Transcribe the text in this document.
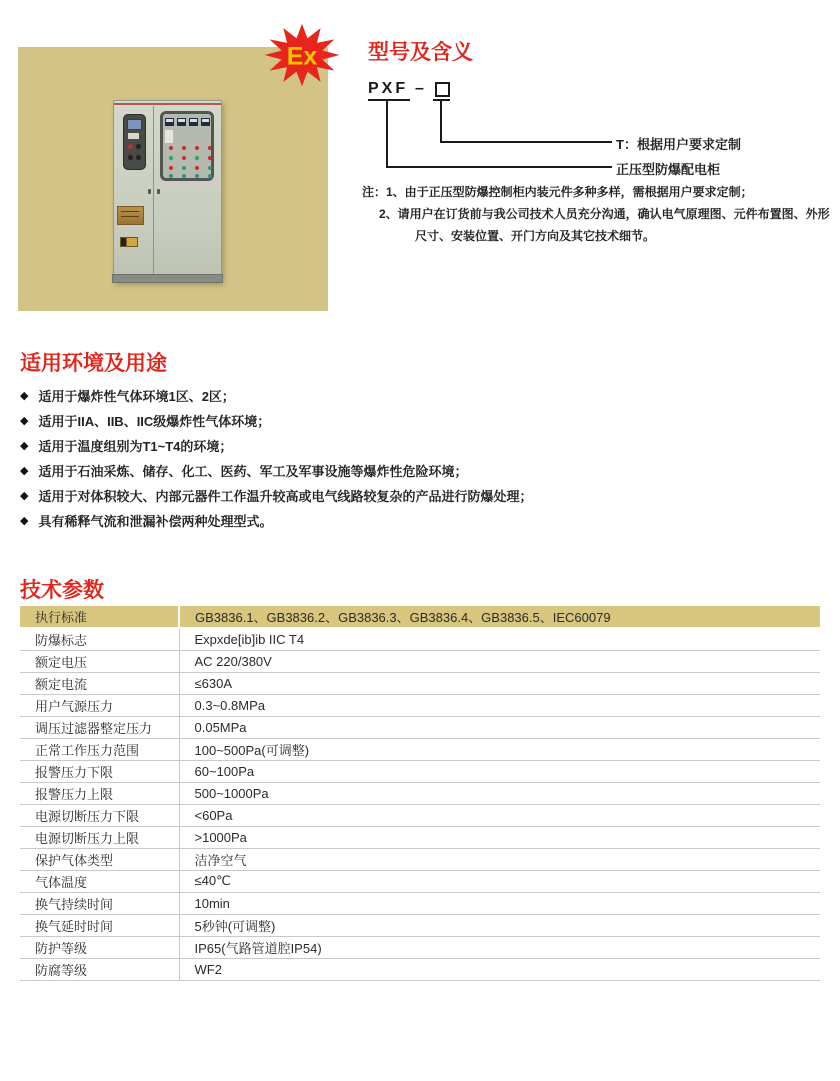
Ex 型号及含义
PXF –
T：根据用户要求定制
正压型防爆配电柜
注：1、由于正压型防爆控制柜内装元件多种多样，需根据用户要求定制；
2、请用户在订货前与我公司技术人员充分沟通，确认电气原理图、元件布置图、外形
尺寸、安装位置、开门方向及其它技术细节。
适用环境及用途
◆ 适用于爆炸性气体环境1区、2区；
◆ 适用于IIA、IIB、IIC级爆炸性气体环境；
◆ 适用于温度组别为T1~T4的环境；
◆ 适用于石油采炼、储存、化工、医药、军工及军事设施等爆炸性危险环境；
◆ 适用于对体积较大、内部元器件工作温升较高或电气线路较复杂的产品进行防爆处理；
◆ 具有稀释气流和泄漏补偿两种处理型式。
技术参数
执行标准	GB3836.1、GB3836.2、GB3836.3、GB3836.4、GB3836.5、IEC60079
防爆标志	Expxde[ib]ib IIC T4
额定电压	AC 220/380V
额定电流	≤630A
用户气源压力	0.3~0.8MPa
调压过滤器整定压力	0.05MPa
正常工作压力范围	100~500Pa(可调整)
报警压力下限	60~100Pa
报警压力上限	500~1000Pa
电源切断压力下限	<60Pa
电源切断压力上限	>1000Pa
保护气体类型	洁净空气
气体温度	≤40℃
换气持续时间	10min
换气延时时间	5秒钟(可调整)
防护等级	IP65(气路管道腔IP54)
防腐等级	WF2
